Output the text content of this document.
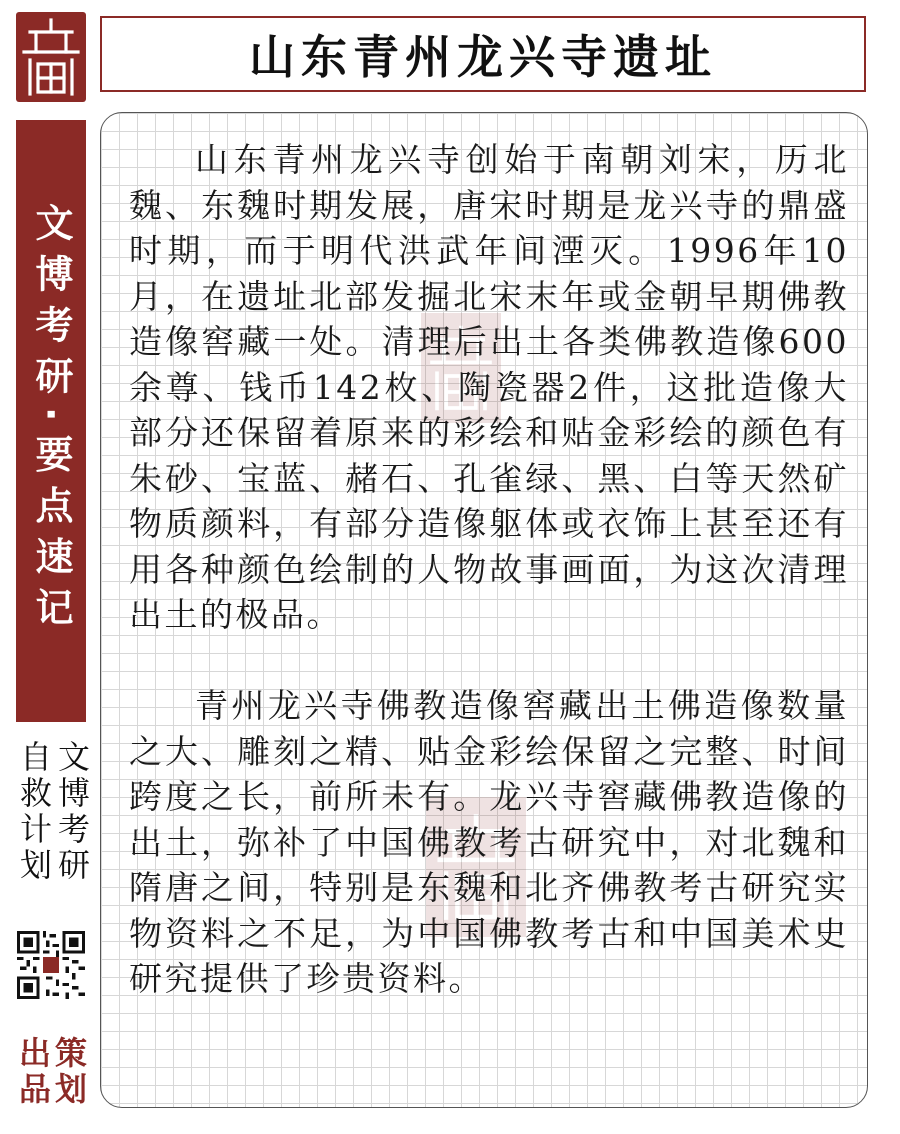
山东青州龙兴寺遗址
文博考研·要点速记
文博考研
自救计划
策划
出品

山东青州龙兴寺创始于南朝刘宋，历北魏、东魏时期发展，唐宋时期是龙兴寺的鼎盛时期，而于明代洪武年间湮灭。1996年10月，在遗址北部发掘北宋末年或金朝早期佛教造像窖藏一处。清理后出土各类佛教造像600余尊、钱币142枚、陶瓷器2件，这批造像大部分还保留着原来的彩绘和贴金彩绘的颜色有朱砂、宝蓝、赭石、孔雀绿、黑、白等天然矿物质颜料，有部分造像躯体或衣饰上甚至还有用各种颜色绘制的人物故事画面，为这次清理出土的极品。

青州龙兴寺佛教造像窖藏出土佛造像数量之大、雕刻之精、贴金彩绘保留之完整、时间跨度之长，前所未有。龙兴寺窖藏佛教造像的出土，弥补了中国佛教考古研究中，对北魏和隋唐之间，特别是东魏和北齐佛教考古研究实物资料之不足，为中国佛教考古和中国美术史研究提供了珍贵资料。
